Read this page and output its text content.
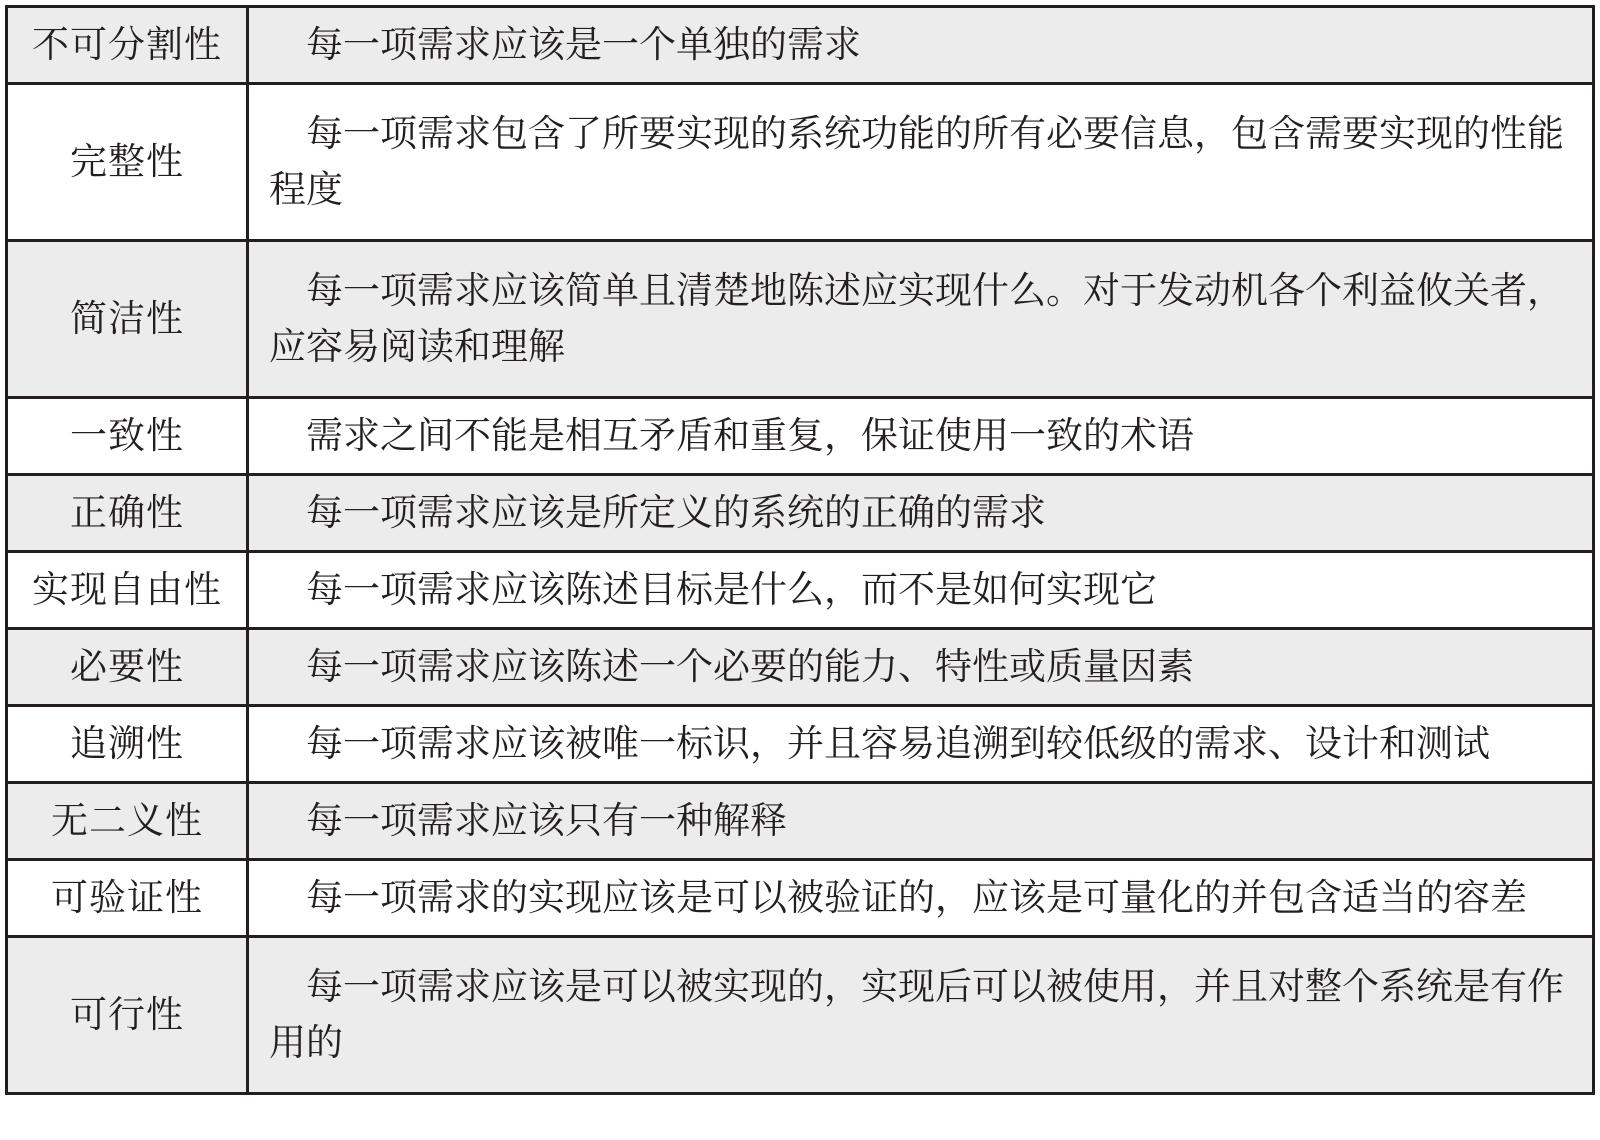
不可分割性	每一项需求应该是一个单独的需求
完整性	每一项需求包含了所要实现的系统功能的所有必要信息，包含需要实现的性能程度
简洁性	每一项需求应该简单且清楚地陈述应实现什么。对于发动机各个利益攸关者，应容易阅读和理解
一致性	需求之间不能是相互矛盾和重复，保证使用一致的术语
正确性	每一项需求应该是所定义的系统的正确的需求
实现自由性	每一项需求应该陈述目标是什么，而不是如何实现它
必要性	每一项需求应该陈述一个必要的能力、特性或质量因素
追溯性	每一项需求应该被唯一标识，并且容易追溯到较低级的需求、设计和测试
无二义性	每一项需求应该只有一种解释
可验证性	每一项需求的实现应该是可以被验证的，应该是可量化的并包含适当的容差
可行性	每一项需求应该是可以被实现的，实现后可以被使用，并且对整个系统是有作用的
